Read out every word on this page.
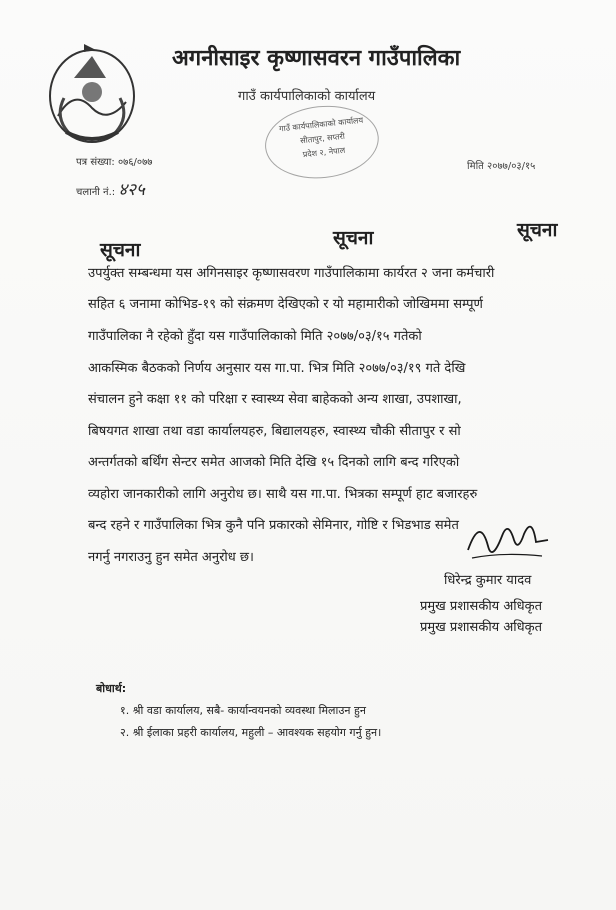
अगनीसाइर कृष्णासवरन गाउँपालिका
गाउँ कार्यपालिकाको कार्यालय
गाउँ कार्यपालिकाको कार्यालय
सीतापुर, सप्तरी
प्रदेश २, नेपाल
पत्र संख्या: ०७६/०७७
चलानी नं.: ४२५
मिति २०७७/०३/१५
सूचना
सूचना	सूचना
उपर्युक्त सम्बन्धमा यस अगिनसाइर कृष्णासवरण गाउँपालिकामा कार्यरत २ जना कर्मचारी
सहित ६ जनामा कोभिड-१९ को संक्रमण देखिएको र यो महामारीको जोखिममा सम्पूर्ण
गाउँपालिका नै रहेको हुँदा यस गाउँपालिकाको मिति २०७७/०३/१५ गतेको
आकस्मिक बैठकको निर्णय अनुसार यस गा.पा. भित्र मिति २०७७/०३/१९ गते देखि
संचालन हुने कक्षा ११ को परिक्षा र स्वास्थ्य सेवा बाहेकको अन्य शाखा, उपशाखा,
बिषयगत शाखा तथा वडा कार्यालयहरु, बिद्यालयहरु, स्वास्थ्य चौकी सीतापुर र सो
अन्तर्गतको बर्थिंग सेन्टर समेत आजको मिति देखि १५ दिनको लागि बन्द गरिएको
व्यहोरा जानकारीको लागि अनुरोध छ। साथै यस गा.पा. भित्रका सम्पूर्ण हाट बजारहरु
बन्द रहने र गाउँपालिका भित्र कुनै पनि प्रकारको सेमिनार, गोष्टि र भिडभाड समेत
नगर्नु नगराउनु हुन समेत अनुरोध छ।
धिरेन्द्र कुमार यादव
प्रमुख प्रशासकीय अधिकृत
प्रमुख प्रशासकीय अधिकृत
बोधार्थ:
१. श्री वडा कार्यालय, सबै- कार्यान्वयनको व्यवस्था मिलाउन हुन
२. श्री ईलाका प्रहरी कार्यालय, महुली – आवश्यक सहयोग गर्नु हुन।
